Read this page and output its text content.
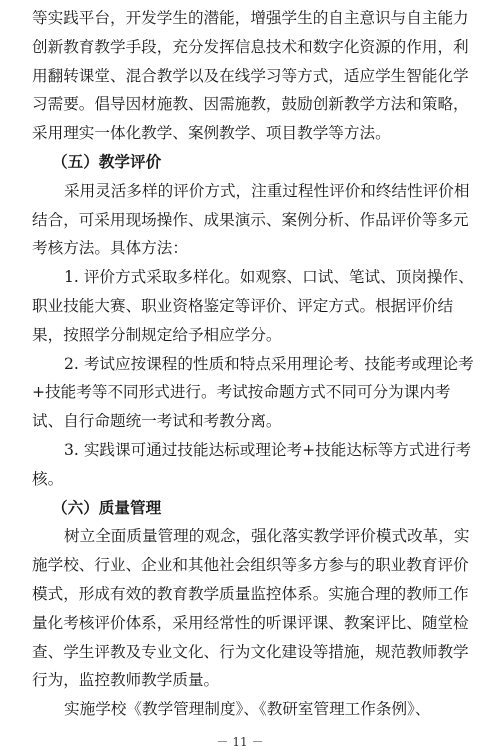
等实践平台，开发学生的潜能，增强学生的自主意识与自主能力
创新教育教学手段，充分发挥信息技术和数字化资源的作用，利
用翻转课堂、混合教学以及在线学习等方式，适应学生智能化学
习需要。倡导因材施教、因需施教，鼓励创新教学方法和策略，
采用理实一体化教学、案例教学、项目教学等方法。
（五）教学评价
采用灵活多样的评价方式，注重过程性评价和终结性评价相
结合，可采用现场操作、成果演示、案例分析、作品评价等多元
考核方法。具体方法：
1. 评价方式采取多样化。如观察、口试、笔试、顶岗操作、
职业技能大赛、职业资格鉴定等评价、评定方式。根据评价结
果，按照学分制规定给予相应学分。
2. 考试应按课程的性质和特点采用理论考、技能考或理论考
+技能考等不同形式进行。考试按命题方式不同可分为课内考
试、自行命题统一考试和考教分离。
3. 实践课可通过技能达标或理论考+技能达标等方式进行考
核。
（六）质量管理
树立全面质量管理的观念，强化落实教学评价模式改革，实
施学校、行业、企业和其他社会组织等多方参与的职业教育评价
模式，形成有效的教育教学质量监控体系。实施合理的教师工作
量化考核评价体系，采用经常性的听课评课、教案评比、随堂检
查、学生评教及专业文化、行为文化建设等措施，规范教师教学
行为，监控教师教学质量。
实施学校《教学管理制度》、《教研室管理工作条例》、
－ 11 －
